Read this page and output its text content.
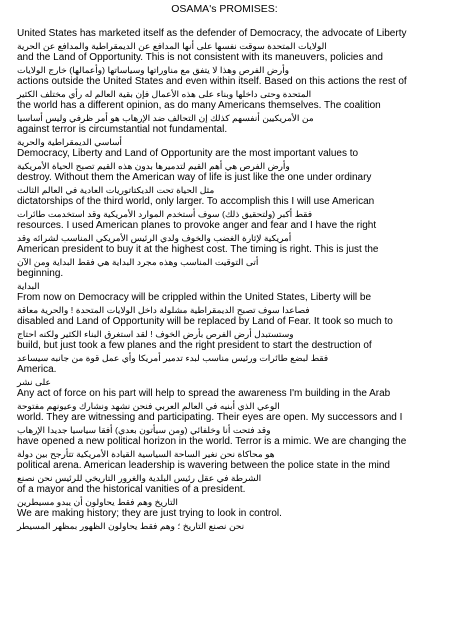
OSAMA's PROMISES:
United States has marketed itself as the defender of Democracy, the advocate of Liberty
ﺍﻟﻮﻻﻳﺎﺕ ﺍﻟﻤﺘﺤﺪﺓ ﺳﻮﻗﺖ ﻧﻔﺴﻬﺎ ﻋﻠﻰ ﺃﻧﻬﺎ ﺍﻟﻤﺪﺍﻓﻊ ﻋﻦ ﺍﻟﺪﻳﻤﻘﺮﺍﻃﻴﺔ ﻭﺍﻟﻤﺪﺍﻓﻊ ﻋﻦ ﺍﻟﺤﺮﻳﺔ
and the Land of Opportunity. This is not consistent with its maneuvers, policies and
ﻭﺃﺭﺽ ﺍﻟﻔﺮﺹ ﻭﻫﺬﺍ ﻻ ﻳﺘﻔﻖ ﻣﻊ ﻣﻨﺎﻭﺭﺍﺗﻬﺎ ﻭﺳﻴﺎﺳﺎﺗﻬﺎ (ﻭﺃﻋﻤﺎﻟﻬﺎ) ﺧﺎﺭﺝ ﺍﻟﻮﻻﻳﺎﺕ
actions outside the United States and even within itself. Based on this actions the rest of
ﺍﻟﻤﺘﺤﺪﺓ ﻭﺣﺘﻰ ﺩﺍﺧﻠﻬﺎ ﻭﺑﻨﺎﺀ ﻋﻠﻰ ﻫﺬﻩ ﺍﻷﻋﻤﺎﻝ ﻓﺈﻥ ﺑﻘﻴﺔ ﺍﻟﻌﺎﻟﻢ ﻟﻪ ﺭﺃﻱ ﻣﺨﺘﻠﻒ ﺍﻟﻜﺜﻴﺮ
the world has a different opinion, as do many Americans themselves. The coalition
ﻣﻦ ﺍﻷﻣﺮﻳﻜﻴﻴﻦ ﺃﻧﻔﺴﻬﻢ ﻛﺬﻟﻚ ﺇﻥ ﺍﻟﺘﺤﺎﻟﻒ ﺿﺪ ﺍﻹﺭﻫﺎﺏ ﻫﻮ ﺃﻣﺮ ﻇﺮﻓﻲ ﻭﻟﻴﺲ ﺃﺳﺎﺳﻴﺎ
against terror is circumstantial not fundamental.
ﺃﺳﺎﺳﻲ ﺍﻟﺪﻳﻤﻘﺮﺍﻃﻴﺔ ﻭﺍﻟﺤﺮﻳﺔ
Democracy, Liberty and Land of Opportunity are the most important values to
ﻭﺃﺭﺽ ﺍﻟﻔﺮﺹ ﻫﻲ ﺃﻫﻢ ﺍﻟﻘﻴﻢ ﻟﺘﺪﻣﻴﺮﻫﺎ ﺑﺪﻭﻥ ﻫﺬﻩ ﺍﻟﻘﻴﻢ ﺗﺼﺒﺢ ﺍﻟﺤﻴﺎﺓ ﺍﻷﻣﺮﻳﻜﻴﺔ
destroy. Without them the American way of life is just like the one under ordinary
ﻣﺜﻞ ﺍﻟﺤﻴﺎﺓ ﺗﺤﺖ ﺍﻟﺪﻳﻜﺘﺎﺗﻮﺭﻳﺎﺕ ﺍﻟﻌﺎﺩﻳﺔ ﻓﻲ ﺍﻟﻌﺎﻟﻢ ﺍﻟﺜﺎﻟﺚ
dictatorships of the third world, only larger. To accomplish this I will use American
ﻓﻘﻂ ﺃﻛﺒﺮ (ﻭﻟﺘﺤﻘﻴﻖ ﺫﻟﻚ) ﺳﻮﻑ ﺃﺳﺘﺨﺪﻡ ﺍﻟﻤﻮﺍﺭﺩ ﺍﻷﻣﺮﻳﻜﻴﺔ ﻭﻗﺪ ﺍﺳﺘﺨﺪﻣﺖ ﻃﺎﺋﺮﺍﺕ
resources. I used American planes to provoke anger and fear and I have the right
ﺃﻣﺮﻳﻜﻴﺔ ﻹﺛﺎﺭﺓ ﺍﻟﻐﻀﺐ ﻭﺍﻟﺨﻮﻑ ﻭﻟﺪﻱ ﺍﻟﺮﺋﻴﺲ ﺍﻷﻣﺮﻳﻜﻲ ﺍﻟﻤﻨﺎﺳﺐ ﻟﺸﺮﺍﺋﻪ ﻭﻗﺪ
American president to buy it at the highest cost. The timing is right. This is just the
ﺃﺗﻰ ﺍﻟﺘﻮﻗﻴﺖ ﺍﻟﻤﻨﺎﺳﺐ ﻭﻫﺬﻩ ﻣﺠﺮﺩ ﺍﻟﺒﺪﺍﻳﺔ ﻫﻲ ﻓﻘﻂ ﺍﻟﺒﺪﺍﻳﺔ ﻭﻣﻦ ﺍﻵﻥ
beginning.
ﺍﻟﺒﺪﺍﻳﺔ
From now on Democracy will be crippled within the United States, Liberty will be
ﻓﺼﺎﻋﺪﺍ ﺳﻮﻑ ﺗﺼﺒﺢ ﺍﻟﺪﻳﻤﻘﺮﺍﻃﻴﺔ ﻣﺸﻠﻮﻟﺔ ﺩﺍﺧﻞ ﺍﻟﻮﻻﻳﺎﺕ ﺍﻟﻤﺘﺤﺪﺓ ! ﻭﺍﻟﺤﺮﻳﺔ ﻣﻌﺎﻗﺔ
disabled and Land of Opportunity will be replaced by Land of Fear. It took so much to
ﻭﺳﺘﺴﺘﺒﺪﻝ ﺃﺭﺽ ﺍﻟﻔﺮﺹ ﺑﺄﺭﺽ ﺍﻟﺨﻮﻑ ! ﻟﻘﺪ ﺍﺳﺘﻐﺮﻕ ﺍﻟﺒﻨﺎﺀ ﺍﻟﻜﺜﻴﺮ ﻭﻟﻜﻨﻪ ﺍﺣﺘﺎﺝ
build, but just took a few planes and the right president to start the destruction of
ﻓﻘﻂ ﻟﺒﻀﻊ ﻃﺎﺋﺮﺍﺕ ﻭﺭﺋﻴﺲ ﻣﻨﺎﺳﺐ ﻟﺒﺪﺀ ﺗﺪﻣﻴﺮ ﺃﻣﺮﻳﻜﺎ ﻭﺃﻱ ﻋﻤﻞ ﻗﻮﺓ ﻣﻦ ﺟﺎﻧﺒﻪ ﺳﻴﺴﺎﻋﺪ
America.
ﻋﻠﻰ ﻧﺸﺮ
Any act of force on his part will help to spread the awareness I'm building in the Arab
ﺍﻟﻮﻋﻲ ﺍﻟﺬﻱ ﺃﺑﻨﻴﻪ ﻓﻲ ﺍﻟﻌﺎﻟﻢ ﺍﻟﻌﺮﺑﻲ ﻓﻨﺤﻦ ﻧﺸﻬﺪ ﻭﻧﺸﺎﺭﻙ ﻭﻋﻴﻮﻧﻬﻢ ﻣﻔﺘﻮﺣﺔ
world. They are witnessing and participating. Their eyes are open. My successors and I
ﻭﻗﺪ ﻓﺘﺤﺖ ﺃﻧﺎ ﻭﺧﻠﻔﺎﺋﻲ (ﻭﻣﻦ ﺳﻴﺄﺗﻮﻥ ﺑﻌﺪﻱ) ﺃﻓﻘﺎ ﺳﻴﺎﺳﻴﺎ ﺟﺪﻳﺪﺍ ﺍﻹﺭﻫﺎﺏ
have opened a new political horizon in the world. Terror is a mimic. We are changing the
ﻫﻮ ﻣﺤﺎﻛﺎﺓ ﻧﺤﻦ ﻧﻐﻴﺮ ﺍﻟﺴﺎﺣﺔ ﺍﻟﺴﻴﺎﺳﻴﺔ ﺍﻟﻘﻴﺎﺩﺓ ﺍﻷﻣﺮﻳﻜﻴﺔ ﺗﺘﺄﺭﺟﺢ ﺑﻴﻦ ﺩﻭﻟﺔ
political arena. American leadership is wavering between the police state in the mind
ﺍﻟﺸﺮﻃﺔ ﻓﻲ ﻋﻘﻞ ﺭﺋﻴﺲ ﺍﻟﺒﻠﺪﻳﺔ ﻭﺍﻟﻐﺮﻭﺭ ﺍﻟﺘﺎﺭﻳﺨﻲ ﻟﻠﺮﺋﻴﺲ ﻧﺤﻦ ﻧﺼﻨﻊ
of a mayor and the historical vanities of a president.
ﺍﻟﺘﺎﺭﻳﺦ ﻭﻫﻢ ﻓﻘﻂ ﻳﺤﺎﻭﻟﻮﻥ ﺃﻥ ﻳﺒﺪﻭ ﻣﺴﻴﻄﺮﻳﻦ
We are making history; they are just trying to look in control.
ﻧﺤﻦ ﻧﺼﻨﻊ ﺍﻟﺘﺎﺭﻳﺦ ؛ ﻭﻫﻢ ﻓﻘﻂ ﻳﺤﺎﻭﻟﻮﻥ ﺍﻟﻈﻬﻮﺭ ﺑﻤﻈﻬﺮ ﺍﻟﻤﺴﻴﻄﺮ
